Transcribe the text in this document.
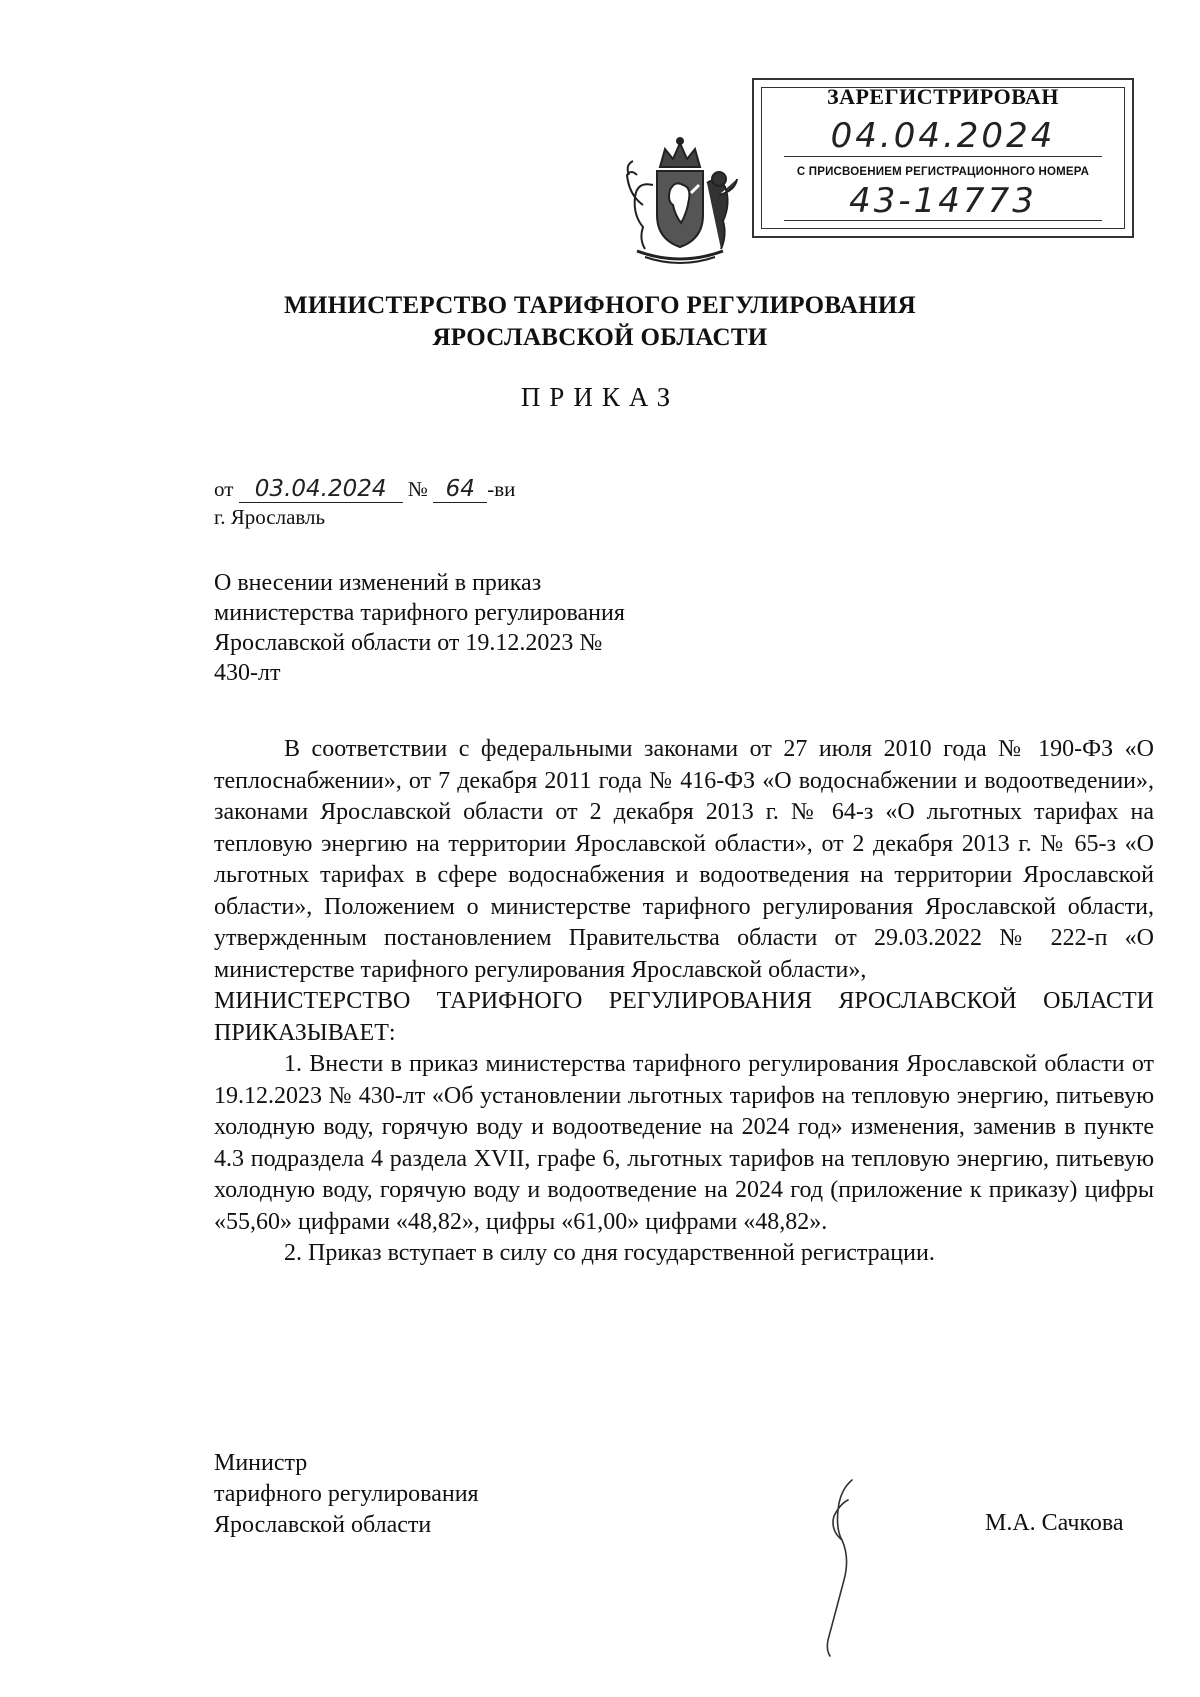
ЗАРЕГИСТРИРОВАН
04.04.2024
С ПРИСВОЕНИЕМ РЕГИСТРАЦИОННОГО НОМЕРА
43-14773
МИНИСТЕРСТВО ТАРИФНОГО РЕГУЛИРОВАНИЯ
ЯРОСЛАВСКОЙ ОБЛАСТИ
ПРИКАЗ
от 03.04.2024 № 64 -ви
г. Ярославль
О внесении изменений в приказ министерства тарифного регулирования Ярославской области от 19.12.2023 № 430-лт

В соответствии с федеральными законами от 27 июля 2010 года № 190-ФЗ «О теплоснабжении», от 7 декабря 2011 года № 416-ФЗ «О водоснабжении и водоотведении», законами Ярославской области от 2 декабря 2013 г. № 64-з «О льготных тарифах на тепловую энергию на территории Ярославской области», от 2 декабря 2013 г. № 65-з «О льготных тарифах в сфере водоснабжения и водоотведения на территории Ярославской области», Положением о министерстве тарифного регулирования Ярославской области, утвержденным постановлением Правительства области от 29.03.2022 № 222-п «О министерстве тарифного регулирования Ярославской области»,

МИНИСТЕРСТВО ТАРИФНОГО РЕГУЛИРОВАНИЯ ЯРОСЛАВСКОЙ ОБЛАСТИ ПРИКАЗЫВАЕТ:

1. Внести в приказ министерства тарифного регулирования Ярославской области от 19.12.2023 № 430-лт «Об установлении льготных тарифов на тепловую энергию, питьевую холодную воду, горячую воду и водоотведение на 2024 год» изменения, заменив в пункте 4.3 подраздела 4 раздела XVII, графе 6, льготных тарифов на тепловую энергию, питьевую холодную воду, горячую воду и водоотведение на 2024 год (приложение к приказу) цифры «55,60» цифрами «48,82», цифры «61,00» цифрами «48,82».

2. Приказ вступает в силу со дня государственной регистрации.

Министр
тарифного регулирования
Ярославской области	М.А. Сачкова
